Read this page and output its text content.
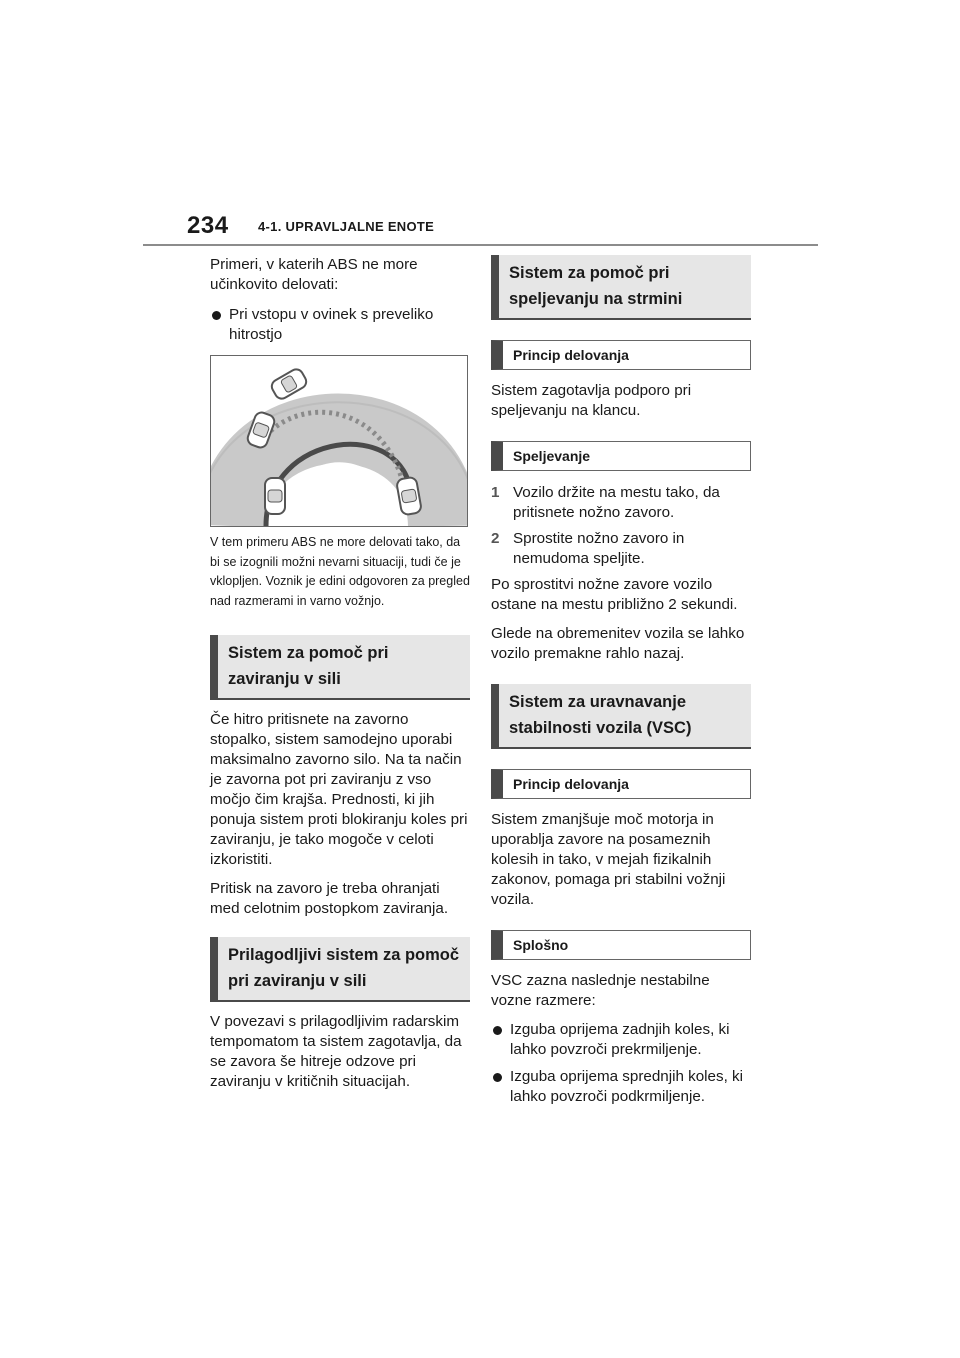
234 4-1. UPRAVLJALNE ENOTE

Primeri, v katerih ABS ne more učinkovito delovati:

Pri vstopu v ovinek s preveliko hitrostjo

V tem primeru ABS ne more delovati tako, da bi se izognili možni nevarni situaciji, tudi če je vklopljen. Voznik je edini odgovoren za pregled nad razmerami in varno vožnjo.

Sistem za pomoč pri zaviranju v sili

Če hitro pritisnete na zavorno stopalko, sistem samodejno uporabi maksimalno zavorno silo. Na ta način je zavorna pot pri zaviranju z vso močjo čim krajša. Prednosti, ki jih ponuja sistem proti blokiranju koles pri zaviranju, je tako mogoče v celoti izkoristiti.

Pritisk na zavoro je treba ohranjati med celotnim postopkom zaviranja.

Prilagodljivi sistem za pomoč pri zaviranju v sili

V povezavi s prilagodljivim radarskim tempomatom ta sistem zagotavlja, da se zavora še hitreje odzove pri zaviranju v kritičnih situacijah.

Sistem za pomoč pri speljevanju na strmini
Princip delovanja

Sistem zagotavlja podporo pri speljevanju na klancu.

Speljevanje
1 Vozilo držite na mestu tako, da pritisnete nožno zavoro.
2 Sprostite nožno zavoro in nemudoma speljite.

Po sprostitvi nožne zavore vozilo ostane na mestu približno 2 sekundi.

Glede na obremenitev vozila se lahko vozilo premakne rahlo nazaj.

Sistem za uravnavanje stabilnosti vozila (VSC)
Princip delovanja

Sistem zmanjšuje moč motorja in uporablja zavore na posameznih kolesih in tako, v mejah fizikalnih zakonov, pomaga pri stabilni vožnji vozila.

Splošno

VSC zazna naslednje nestabilne vozne razmere:

Izguba oprijema zadnjih koles, ki lahko povzroči prekrmiljenje.
Izguba oprijema sprednjih koles, ki lahko povzroči podkrmiljenje.
